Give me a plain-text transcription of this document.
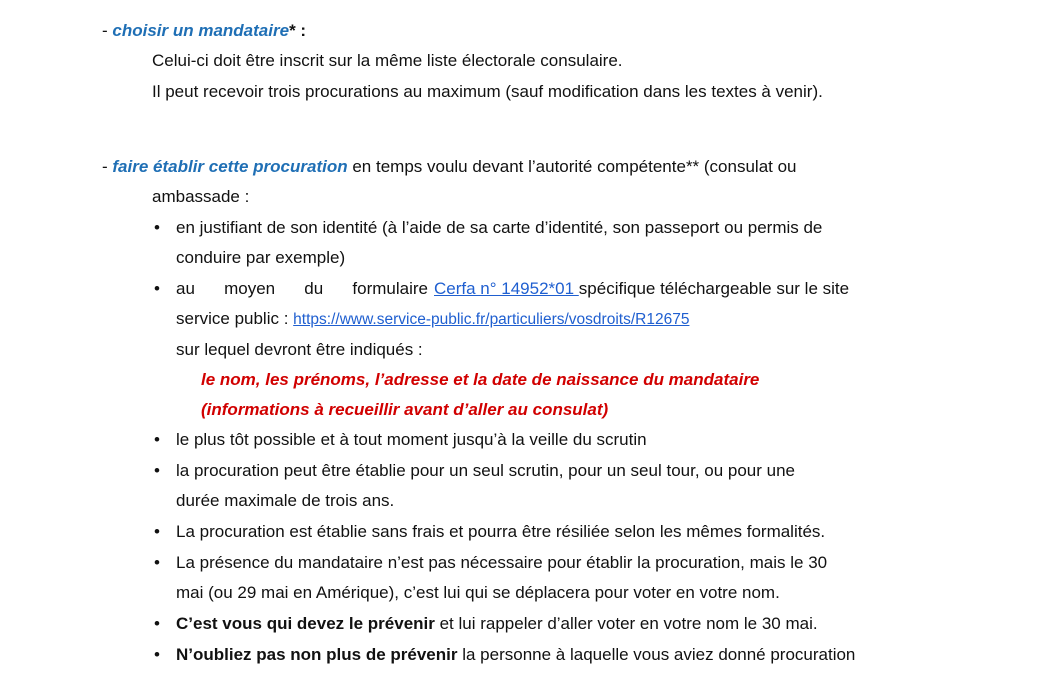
- choisir un mandataire* :
Celui-ci doit être inscrit sur la même liste électorale consulaire.
Il peut recevoir trois procurations au maximum (sauf modification dans les textes à venir).
- faire établir cette procuration en temps voulu devant l’autorité compétente** (consulat ou
ambassade :
• en justifiant de son identité (à l’aide de sa carte d’identité, son passeport ou permis de
conduire par exemple)
• au moyen du formulaire Cerfa n° 14952*01 spécifique téléchargeable sur le site
service public : https://www.service-public.fr/particuliers/vosdroits/R12675
sur lequel devront être indiqués :
le nom, les prénoms, l’adresse et la date de naissance du mandataire
(informations à recueillir avant d’aller au consulat)
• le plus tôt possible et à tout moment jusqu’à la veille du scrutin
• la procuration peut être établie pour un seul scrutin, pour un seul tour, ou pour une
durée maximale de trois ans.
• La procuration est établie sans frais et pourra être résiliée selon les mêmes formalités.
• La présence du mandataire n’est pas nécessaire pour établir la procuration, mais le 30
mai (ou 29 mai en Amérique), c’est lui qui se déplacera pour voter en votre nom.
• C’est vous qui devez le prévenir et lui rappeler d’aller voter en votre nom le 30 mai.
• N’oubliez pas non plus de prévenir la personne à laquelle vous aviez donné procuration
